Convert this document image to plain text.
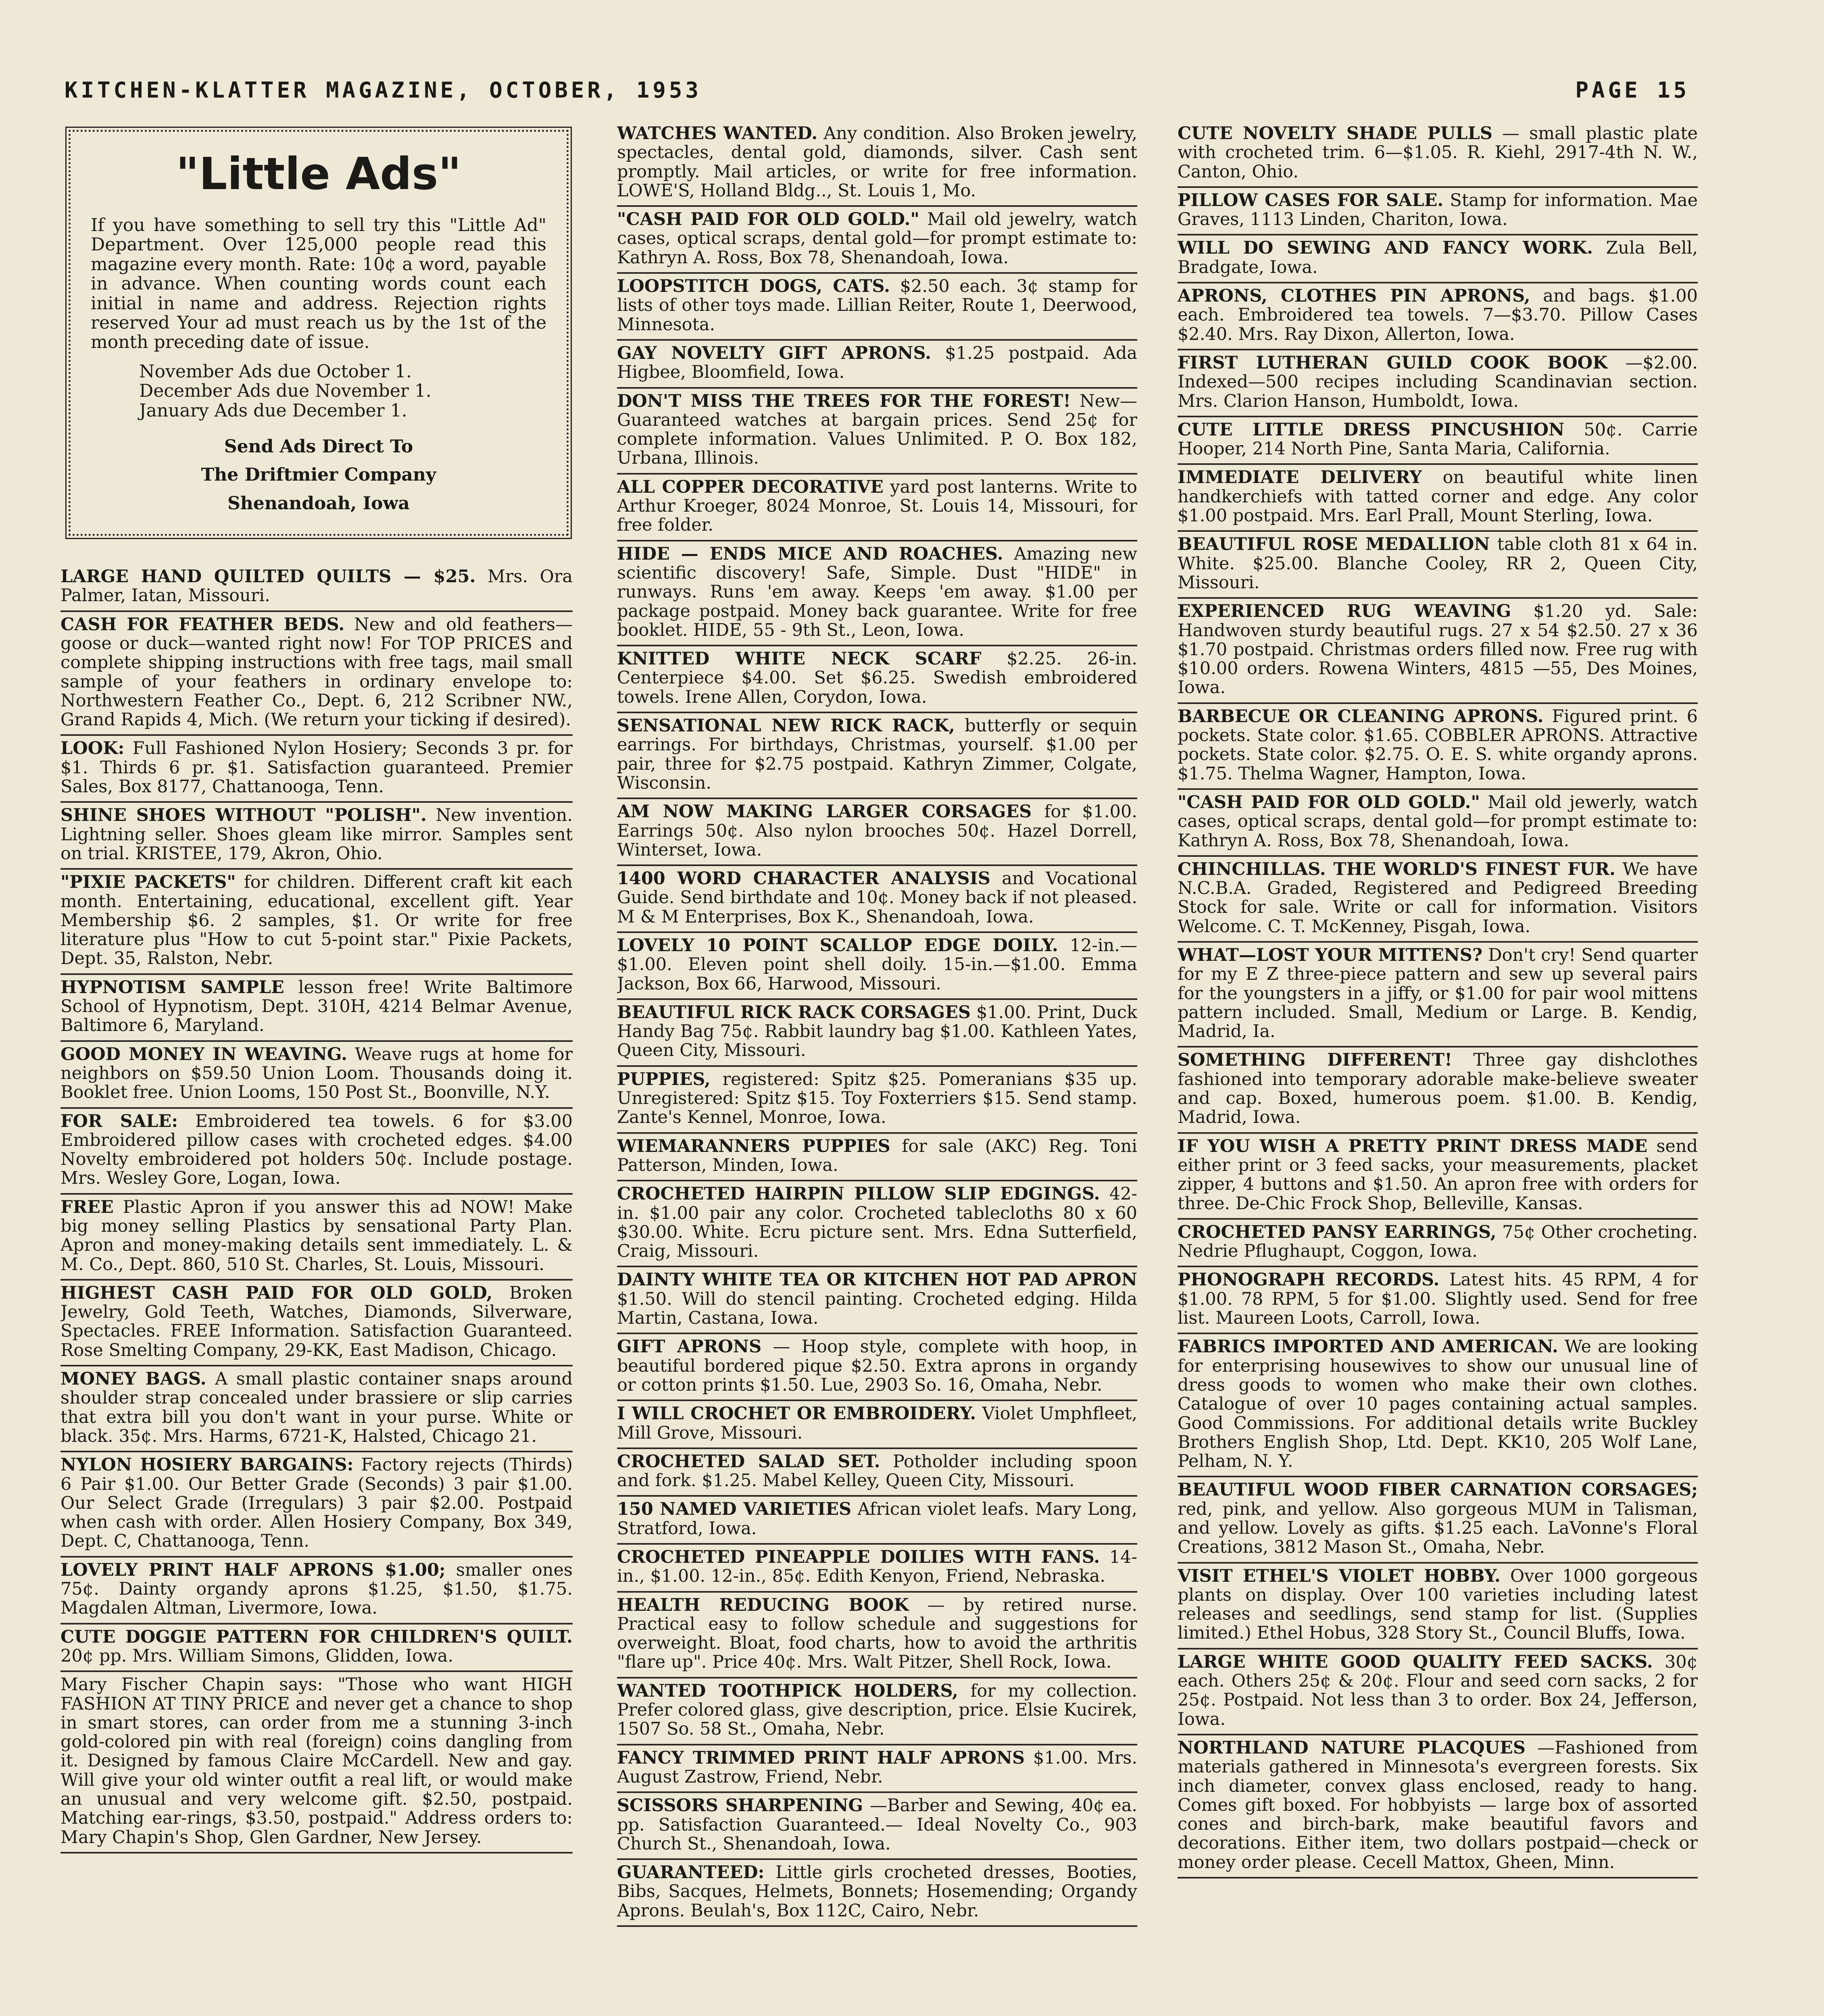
KITCHEN-KLATTER MAGAZINE, OCTOBER, 1953	PAGE 15
"Little Ads"

If you have something to sell try this "Little Ad" Department. Over 125,000 people read this magazine every month. Rate: 10¢ a word, payable in advance. When counting words count each initial in name and address. Rejection rights reserved Your ad must reach us by the 1st of the month preceding date of issue.

November Ads due October 1.
December Ads due November 1.
January Ads due December 1.
Send Ads Direct To
The Driftmier Company
Shenandoah, Iowa

LARGE HAND QUILTED QUILTS — $25. Mrs. Ora Palmer, Iatan, Missouri.

CASH FOR FEATHER BEDS. New and old feathers—goose or duck—wanted right now! For TOP PRICES and complete shipping instructions with free tags, mail small sample of your feathers in ordinary envelope to: Northwestern Feather Co., Dept. 6, 212 Scribner NW., Grand Rapids 4, Mich. (We return your ticking if desired).

LOOK: Full Fashioned Nylon Hosiery; Seconds 3 pr. for $1. Thirds 6 pr. $1. Satisfaction guaranteed. Premier Sales, Box 8177, Chattanooga, Tenn.

SHINE SHOES WITHOUT "POLISH". New invention. Lightning seller. Shoes gleam like mirror. Samples sent on trial. KRISTEE, 179, Akron, Ohio.

"PIXIE PACKETS" for children. Different craft kit each month. Entertaining, educational, excellent gift. Year Membership $6. 2 samples, $1. Or write for free literature plus "How to cut 5-point star." Pixie Packets, Dept. 35, Ralston, Nebr.

HYPNOTISM SAMPLE lesson free! Write Baltimore School of Hypnotism, Dept. 310H, 4214 Belmar Avenue, Baltimore 6, Maryland.

GOOD MONEY IN WEAVING. Weave rugs at home for neighbors on $59.50 Union Loom. Thousands doing it. Booklet free. Union Looms, 150 Post St., Boonville, N.Y.

FOR SALE: Embroidered tea towels. 6 for $3.00 Embroidered pillow cases with crocheted edges. $4.00 Novelty embroidered pot holders 50¢. Include postage. Mrs. Wesley Gore, Logan, Iowa.

FREE Plastic Apron if you answer this ad NOW! Make big money selling Plastics by sensational Party Plan. Apron and money-making details sent immediately. L. & M. Co., Dept. 860, 510 St. Charles, St. Louis, Missouri.

HIGHEST CASH PAID FOR OLD GOLD, Broken Jewelry, Gold Teeth, Watches, Diamonds, Silverware, Spectacles. FREE Information. Satisfaction Guaranteed. Rose Smelting Company, 29-KK, East Madison, Chicago.

MONEY BAGS. A small plastic container snaps around shoulder strap concealed under brassiere or slip carries that extra bill you don't want in your purse. White or black. 35¢. Mrs. Harms, 6721-K, Halsted, Chicago 21.

NYLON HOSIERY BARGAINS: Factory rejects (Thirds) 6 Pair $1.00. Our Better Grade (Seconds) 3 pair $1.00. Our Select Grade (Irregulars) 3 pair $2.00. Postpaid when cash with order. Allen Hosiery Company, Box 349, Dept. C, Chattanooga, Tenn.

LOVELY PRINT HALF APRONS $1.00; smaller ones 75¢. Dainty organdy aprons $1.25, $1.50, $1.75. Magdalen Altman, Livermore, Iowa.

CUTE DOGGIE PATTERN FOR CHILDREN'S QUILT. 20¢ pp. Mrs. William Simons, Glidden, Iowa.

Mary Fischer Chapin says: "Those who want HIGH FASHION AT TINY PRICE and never get a chance to shop in smart stores, can order from me a stunning 3-inch gold-colored pin with real (foreign) coins dangling from it. Designed by famous Claire McCardell. New and gay. Will give your old winter outfit a real lift, or would make an unusual and very welcome gift. $2.50, postpaid. Matching ear-rings, $3.50, postpaid." Address orders to: Mary Chapin's Shop, Glen Gardner, New Jersey.

WATCHES WANTED. Any condition. Also Broken jewelry, spectacles, dental gold, diamonds, silver. Cash sent promptly. Mail articles, or write for free information. LOWE'S, Holland Bldg.., St. Louis 1, Mo.

"CASH PAID FOR OLD GOLD." Mail old jewelry, watch cases, optical scraps, dental gold—for prompt estimate to: Kathryn A. Ross, Box 78, Shenandoah, Iowa.

LOOPSTITCH DOGS, CATS. $2.50 each. 3¢ stamp for lists of other toys made. Lillian Reiter, Route 1, Deerwood, Minnesota.

GAY NOVELTY GIFT APRONS. $1.25 postpaid. Ada Higbee, Bloomfield, Iowa.

DON'T MISS THE TREES FOR THE FOREST! New—Guaranteed watches at bargain prices. Send 25¢ for complete information. Values Unlimited. P. O. Box 182, Urbana, Illinois.

ALL COPPER DECORATIVE yard post lanterns. Write to Arthur Kroeger, 8024 Monroe, St. Louis 14, Missouri, for free folder.

HIDE — ENDS MICE AND ROACHES. Amazing new scientific discovery! Safe, Simple. Dust "HIDE" in runways. Runs 'em away. Keeps 'em away. $1.00 per package postpaid. Money back guarantee. Write for free booklet. HIDE, 55 - 9th St., Leon, Iowa.

KNITTED WHITE NECK SCARF $2.25. 26-in. Centerpiece $4.00. Set $6.25. Swedish embroidered towels. Irene Allen, Corydon, Iowa.

SENSATIONAL NEW RICK RACK, butterfly or sequin earrings. For birthdays, Christmas, yourself. $1.00 per pair, three for $2.75 postpaid. Kathryn Zimmer, Colgate, Wisconsin.

AM NOW MAKING LARGER CORSAGES for $1.00. Earrings 50¢. Also nylon brooches 50¢. Hazel Dorrell, Winterset, Iowa.

1400 WORD CHARACTER ANALYSIS and Vocational Guide. Send birthdate and 10¢. Money back if not pleased. M & M Enterprises, Box K., Shenandoah, Iowa.

LOVELY 10 POINT SCALLOP EDGE DOILY. 12-in.—$1.00. Eleven point shell doily. 15-in.—$1.00. Emma Jackson, Box 66, Harwood, Missouri.

BEAUTIFUL RICK RACK CORSAGES $1.00. Print, Duck Handy Bag 75¢. Rabbit laundry bag $1.00. Kathleen Yates, Queen City, Missouri.

PUPPIES, registered: Spitz $25. Pomeranians $35 up. Unregistered: Spitz $15. Toy Foxterriers $15. Send stamp. Zante's Kennel, Monroe, Iowa.

WIEMARANNERS PUPPIES for sale (AKC) Reg. Toni Patterson, Minden, Iowa.

CROCHETED HAIRPIN PILLOW SLIP EDGINGS. 42-in. $1.00 pair any color. Crocheted tablecloths 80 x 60 $30.00. White. Ecru picture sent. Mrs. Edna Sutterfield, Craig, Missouri.

DAINTY WHITE TEA OR KITCHEN HOT PAD APRON $1.50. Will do stencil painting. Crocheted edging. Hilda Martin, Castana, Iowa.

GIFT APRONS — Hoop style, complete with hoop, in beautiful bordered pique $2.50. Extra aprons in organdy or cotton prints $1.50. Lue, 2903 So. 16, Omaha, Nebr.

I WILL CROCHET OR EMBROIDERY. Violet Umphfleet, Mill Grove, Missouri.

CROCHETED SALAD SET. Potholder including spoon and fork. $1.25. Mabel Kelley, Queen City, Missouri.

150 NAMED VARIETIES African violet leafs. Mary Long, Stratford, Iowa.

CROCHETED PINEAPPLE DOILIES WITH FANS. 14-in., $1.00. 12-in., 85¢. Edith Kenyon, Friend, Nebraska.

HEALTH REDUCING BOOK — by retired nurse. Practical easy to follow schedule and suggestions for overweight. Bloat, food charts, how to avoid the arthritis "flare up". Price 40¢. Mrs. Walt Pitzer, Shell Rock, Iowa.

WANTED TOOTHPICK HOLDERS, for my collection. Prefer colored glass, give description, price. Elsie Kucirek, 1507 So. 58 St., Omaha, Nebr.

FANCY TRIMMED PRINT HALF APRONS $1.00. Mrs. August Zastrow, Friend, Nebr.

SCISSORS SHARPENING —Barber and Sewing, 40¢ ea. pp. Satisfaction Guaranteed.— Ideal Novelty Co., 903 Church St., Shenandoah, Iowa.

GUARANTEED: Little girls crocheted dresses, Booties, Bibs, Sacques, Helmets, Bonnets; Hosemending; Organdy Aprons. Beulah's, Box 112C, Cairo, Nebr.

CUTE NOVELTY SHADE PULLS — small plastic plate with crocheted trim. 6—$1.05. R. Kiehl, 2917-4th N. W., Canton, Ohio.

PILLOW CASES FOR SALE. Stamp for information. Mae Graves, 1113 Linden, Chariton, Iowa.

WILL DO SEWING AND FANCY WORK. Zula Bell, Bradgate, Iowa.

APRONS, CLOTHES PIN APRONS, and bags. $1.00 each. Embroidered tea towels. 7—$3.70. Pillow Cases $2.40. Mrs. Ray Dixon, Allerton, Iowa.

FIRST LUTHERAN GUILD COOK BOOK —$2.00. Indexed—500 recipes including Scandinavian section. Mrs. Clarion Hanson, Humboldt, Iowa.

CUTE LITTLE DRESS PINCUSHION 50¢. Carrie Hooper, 214 North Pine, Santa Maria, California.

IMMEDIATE DELIVERY on beautiful white linen handkerchiefs with tatted corner and edge. Any color $1.00 postpaid. Mrs. Earl Prall, Mount Sterling, Iowa.

BEAUTIFUL ROSE MEDALLION table cloth 81 x 64 in. White. $25.00. Blanche Cooley, RR 2, Queen City, Missouri.

EXPERIENCED RUG WEAVING $1.20 yd. Sale: Handwoven sturdy beautiful rugs. 27 x 54 $2.50. 27 x 36 $1.70 postpaid. Christmas orders filled now. Free rug with $10.00 orders. Rowena Winters, 4815 —55, Des Moines, Iowa.

BARBECUE OR CLEANING APRONS. Figured print. 6 pockets. State color. $1.65. COBBLER APRONS. Attractive pockets. State color. $2.75. O. E. S. white organdy aprons. $1.75. Thelma Wagner, Hampton, Iowa.

"CASH PAID FOR OLD GOLD." Mail old jewerly, watch cases, optical scraps, dental gold—for prompt estimate to: Kathryn A. Ross, Box 78, Shenandoah, Iowa.

CHINCHILLAS. THE WORLD'S FINEST FUR. We have N.C.B.A. Graded, Registered and Pedigreed Breeding Stock for sale. Write or call for information. Visitors Welcome. C. T. McKenney, Pisgah, Iowa.

WHAT—LOST YOUR MITTENS? Don't cry! Send quarter for my E Z three-piece pattern and sew up several pairs for the youngsters in a jiffy, or $1.00 for pair wool mittens pattern included. Small, Medium or Large. B. Kendig, Madrid, Ia.

SOMETHING DIFFERENT! Three gay dishclothes fashioned into temporary adorable make-believe sweater and cap. Boxed, humerous poem. $1.00. B. Kendig, Madrid, Iowa.

IF YOU WISH A PRETTY PRINT DRESS MADE send either print or 3 feed sacks, your measurements, placket zipper, 4 buttons and $1.50. An apron free with orders for three. De-Chic Frock Shop, Belleville, Kansas.

CROCHETED PANSY EARRINGS, 75¢ Other crocheting. Nedrie Pflughaupt, Coggon, Iowa.

PHONOGRAPH RECORDS. Latest hits. 45 RPM, 4 for $1.00. 78 RPM, 5 for $1.00. Slightly used. Send for free list. Maureen Loots, Carroll, Iowa.

FABRICS IMPORTED AND AMERICAN. We are looking for enterprising housewives to show our unusual line of dress goods to women who make their own clothes. Catalogue of over 10 pages containing actual samples. Good Commissions. For additional details write Buckley Brothers English Shop, Ltd. Dept. KK10, 205 Wolf Lane, Pelham, N. Y.

BEAUTIFUL WOOD FIBER CARNATION CORSAGES; red, pink, and yellow. Also gorgeous MUM in Talisman, and yellow. Lovely as gifts. $1.25 each. LaVonne's Floral Creations, 3812 Mason St., Omaha, Nebr.

VISIT ETHEL'S VIOLET HOBBY. Over 1000 gorgeous plants on display. Over 100 varieties including latest releases and seedlings, send stamp for list. (Supplies limited.) Ethel Hobus, 328 Story St., Council Bluffs, Iowa.

LARGE WHITE GOOD QUALITY FEED SACKS. 30¢ each. Others 25¢ & 20¢. Flour and seed corn sacks, 2 for 25¢. Postpaid. Not less than 3 to order. Box 24, Jefferson, Iowa.

NORTHLAND NATURE PLACQUES —Fashioned from materials gathered in Minnesota's evergreen forests. Six inch diameter, convex glass enclosed, ready to hang. Comes gift boxed. For hobbyists — large box of assorted cones and birch-bark, make beautiful favors and decorations. Either item, two dollars postpaid—check or money order please. Cecell Mattox, Gheen, Minn.
